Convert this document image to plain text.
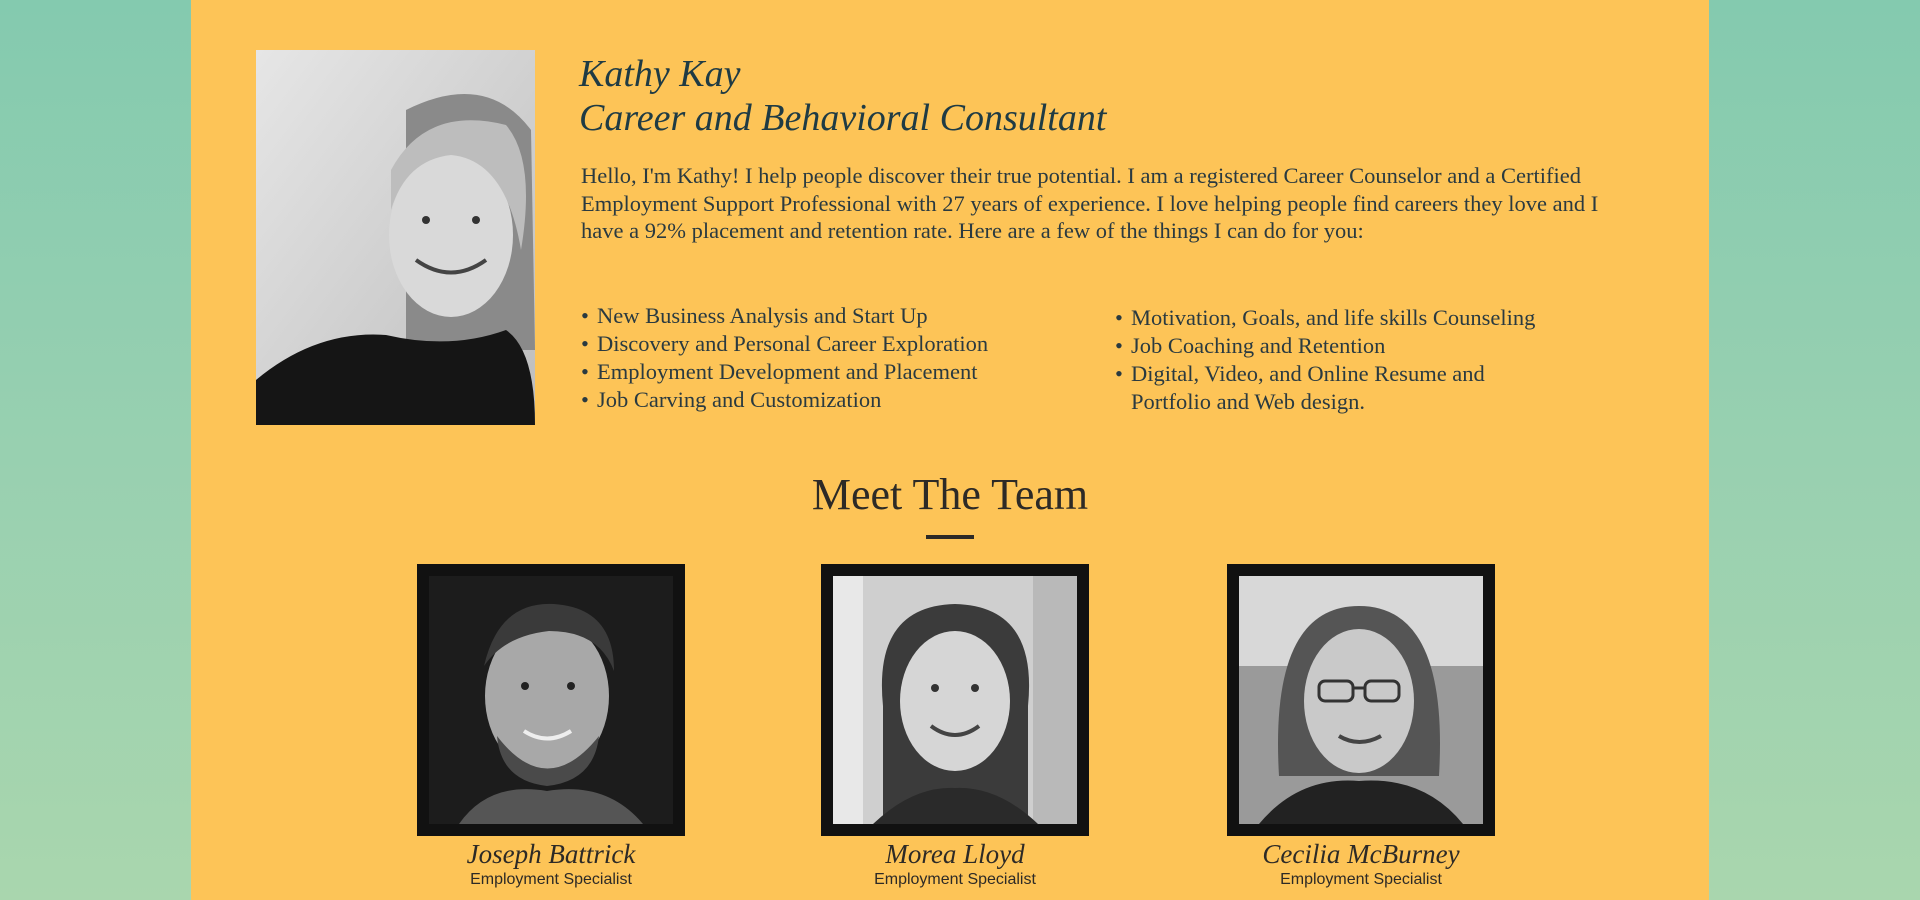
Kathy Kay
Career and Behavioral Consultant
Hello, I'm Kathy! I help people discover their true potential. I am a registered Career Counselor and a Certified Employment Support Professional with 27 years of experience. I love helping people find careers they love and I have a 92% placement and retention rate. Here are a few of the things I can do for you:
• New Business Analysis and Start Up
• Discovery and Personal Career Exploration
• Employment Development and Placement
• Job Carving and Customization
• Motivation, Goals, and life skills Counseling
• Job Coaching and Retention
• Digital, Video, and Online Resume and
Portfolio and Web design.
Meet The Team
Joseph Battrick
Employment Specialist
Morea Lloyd
Employment Specialist
Cecilia McBurney
Employment Specialist
